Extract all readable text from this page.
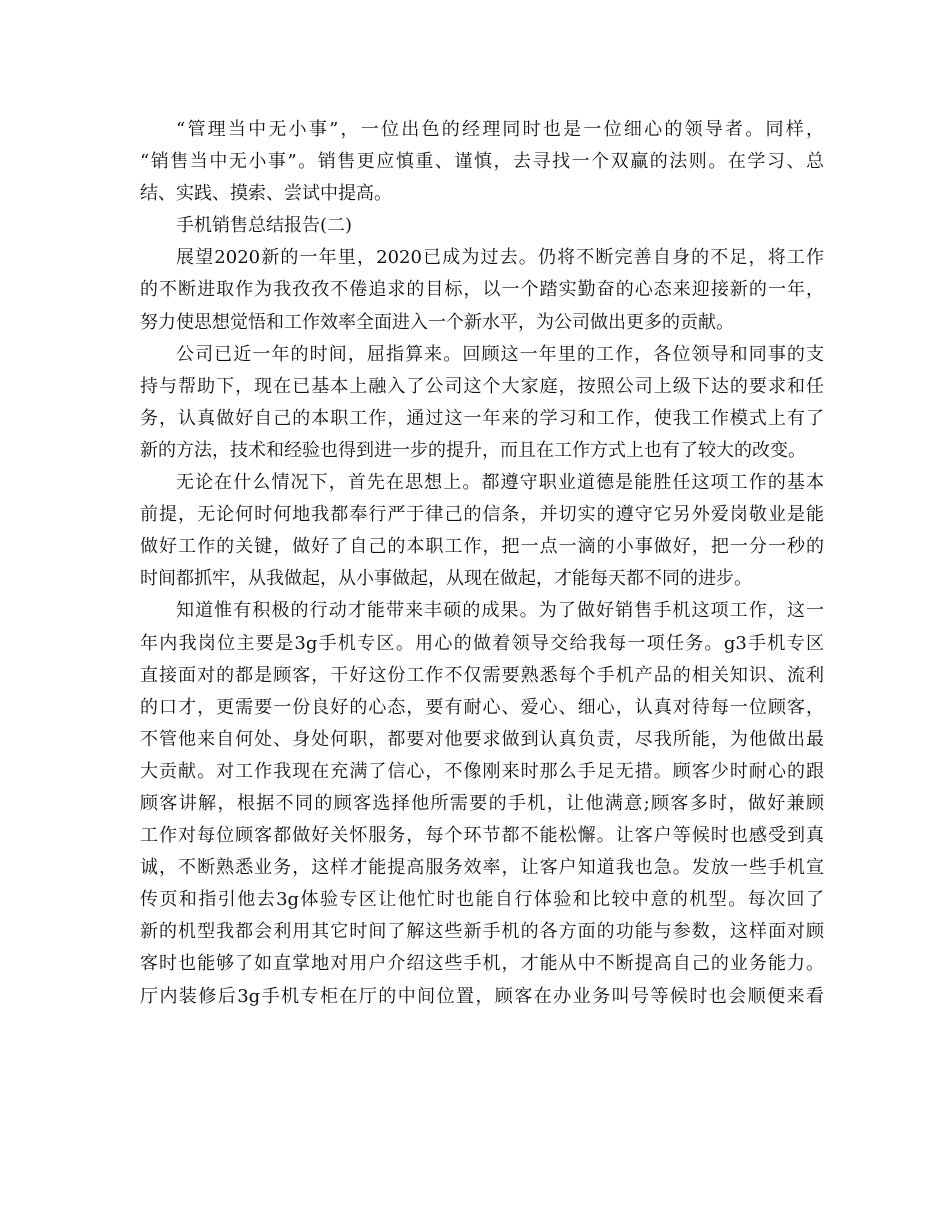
“管理当中无小事”，一位出色的经理同时也是一位细心的领导者。同样，
“销售当中无小事”。销售更应慎重、谨慎，去寻找一个双赢的法则。在学习、总
结、实践、摸索、尝试中提高。
手机销售总结报告(二)
展望2020新的一年里，2020已成为过去。仍将不断完善自身的不足，将工作
的不断进取作为我孜孜不倦追求的目标，以一个踏实勤奋的心态来迎接新的一年，
努力使思想觉悟和工作效率全面进入一个新水平，为公司做出更多的贡献。
公司已近一年的时间，屈指算来。回顾这一年里的工作，各位领导和同事的支
持与帮助下，现在已基本上融入了公司这个大家庭，按照公司上级下达的要求和任
务，认真做好自己的本职工作，通过这一年来的学习和工作，使我工作模式上有了
新的方法，技术和经验也得到进一步的提升，而且在工作方式上也有了较大的改变。
无论在什么情况下，首先在思想上。都遵守职业道德是能胜任这项工作的基本
前提，无论何时何地我都奉行严于律己的信条，并切实的遵守它另外爱岗敬业是能
做好工作的关键，做好了自己的本职工作，把一点一滴的小事做好，把一分一秒的
时间都抓牢，从我做起，从小事做起，从现在做起，才能每天都不同的进步。
知道惟有积极的行动才能带来丰硕的成果。为了做好销售手机这项工作，这一
年内我岗位主要是3g手机专区。用心的做着领导交给我每一项任务。g3手机专区
直接面对的都是顾客，干好这份工作不仅需要熟悉每个手机产品的相关知识、流利
的口才，更需要一份良好的心态，要有耐心、爱心、细心，认真对待每一位顾客，
不管他来自何处、身处何职，都要对他要求做到认真负责，尽我所能，为他做出最
大贡献。对工作我现在充满了信心，不像刚来时那么手足无措。顾客少时耐心的跟
顾客讲解，根据不同的顾客选择他所需要的手机，让他满意;顾客多时，做好兼顾
工作对每位顾客都做好关怀服务，每个环节都不能松懈。让客户等候时也感受到真
诚，不断熟悉业务，这样才能提高服务效率，让客户知道我也急。发放一些手机宣
传页和指引他去3g体验专区让他忙时也能自行体验和比较中意的机型。每次回了
新的机型我都会利用其它时间了解这些新手机的各方面的功能与参数，这样面对顾
客时也能够了如直掌地对用户介绍这些手机，才能从中不断提高自己的业务能力。
厅内装修后3g手机专柜在厅的中间位置，顾客在办业务叫号等候时也会顺便来看
